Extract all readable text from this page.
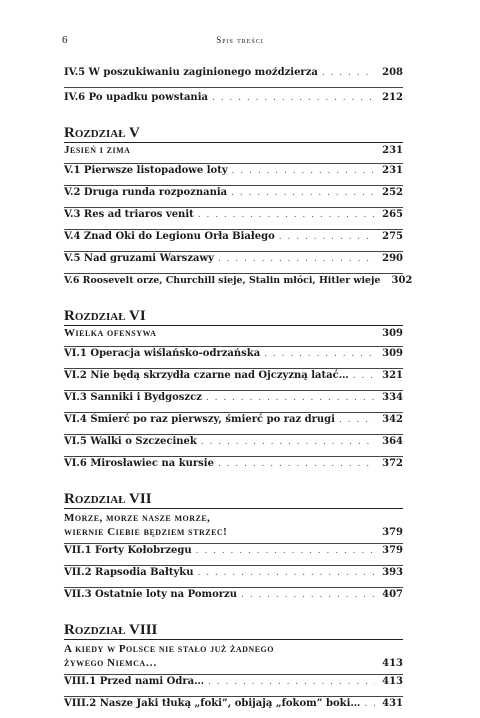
6	Spis treści
IV.5 W poszukiwaniu zaginionego moździerza . . .	208
IV.6 Po upadku powstania . . .	212
Rozdział V
Jesień i zima	231
V.1 Pierwsze listopadowe loty . . .	231
V.2 Druga runda rozpoznania . . .	252
V.3 Res ad triaros venit . . .	265
V.4 Znad Oki do Legionu Orła Białego . . .	275
V.5 Nad gruzami Warszawy . . .	290
V.6 Roosevelt orze, Churchill sieje, Stalin młóci, Hitler wieje	302
Rozdział VI
Wielka ofensywa	309
VI.1 Operacja wiślańsko-odrzańska . . .	309
VI.2 Nie będą skrzydła czarne nad Ojczyzną latać… . . .	321
VI.3 Sanniki i Bydgoszcz . . .	334
VI.4 Śmierć po raz pierwszy, śmierć po raz drugi . . .	342
VI.5 Walki o Szczecinek . . .	364
VI.6 Mirosławiec na kursie . . .	372
Rozdział VII
Morze, morze nasze morze,
wiernie Ciebie będziem strzec!	379
VII.1 Forty Kołobrzegu . . .	379
VII.2 Rapsodia Bałtyku . . .	393
VII.3 Ostatnie loty na Pomorzu . . .	407
Rozdział VIII
A kiedy w Polsce nie stało już żadnego
żywego Niemca…	413
VIII.1 Przed nami Odra… . . .	413
VIII.2 Nasze Jaki tłuką „foki”, obijają „fokom” boki… . . .	431
